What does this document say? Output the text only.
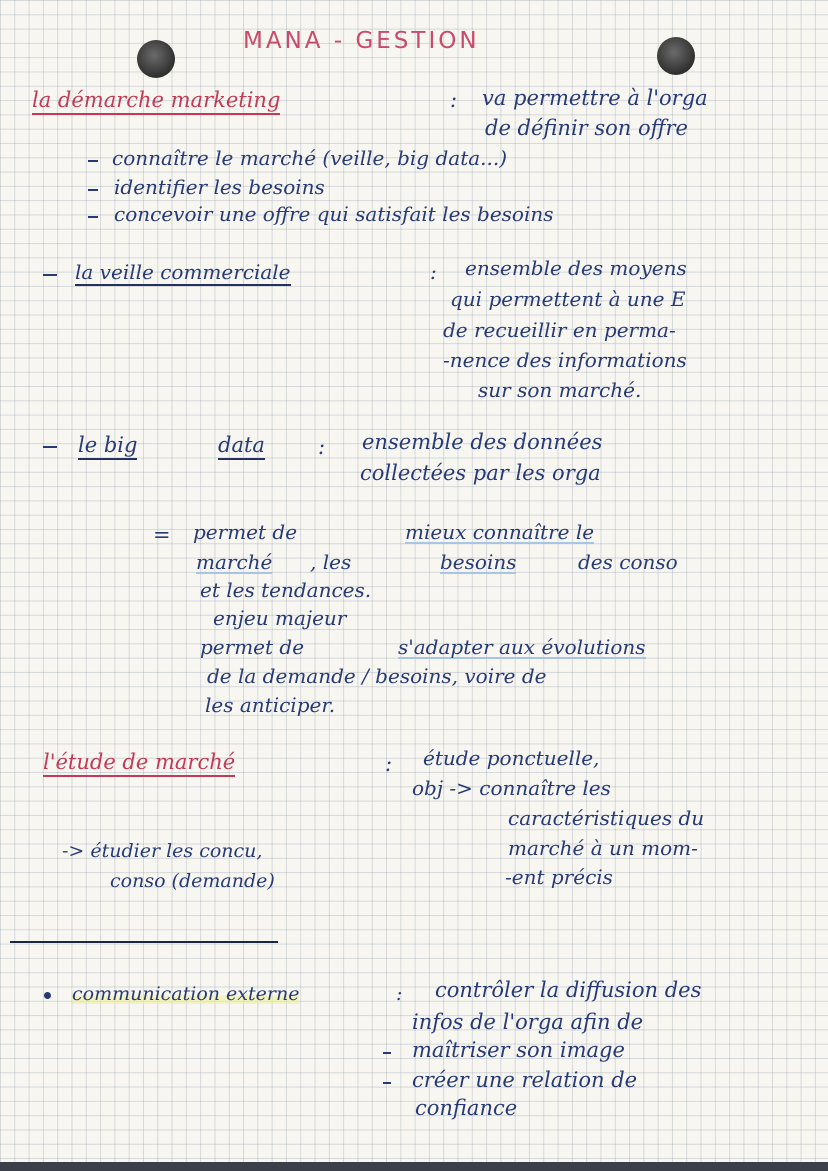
MANA - GESTION
la démarche marketing	: va permettre à l'orga
de définir son offre
connaître le marché (veille, big data...)
identifier les besoins
concevoir une offre qui satisfait les besoins
la veille commerciale	: ensemble des moyens
qui permettent à une E
de recueillir en perma-
-nence des informations
sur son marché.
le big	data	: ensemble des données
collectées par les orga
= permet de	mieux connaître le
marché , les	besoins	des conso
et les tendances.
enjeu majeur
permet de	s'adapter aux évolutions
de la demande / besoins, voire de
les anticiper.
l'étude de marché	: étude ponctuelle,
obj -> connaître les
caractéristiques du
marché à un mom-
-ent précis
-> étudier les concu,
conso (demande)
communication externe	: contrôler la diffusion des
infos de l'orga afin de
maîtriser son image
créer une relation de
confiance
